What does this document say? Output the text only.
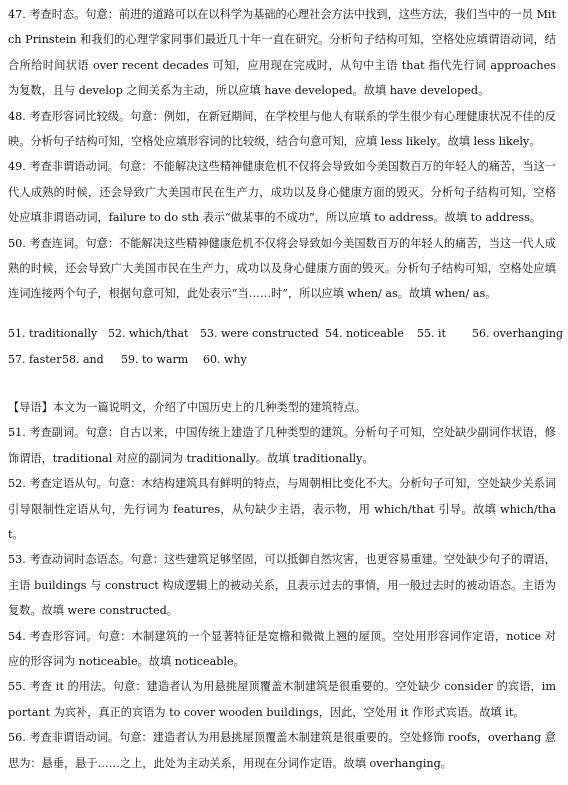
47. 考查时态。句意：前进的道路可以在以科学为基础的心理社会方法中找到，这些方法，我们当中的一员 Mitch Prinstein 和我们的心理学家同事们最近几十年一直在研究。分析句子结构可知，空格处应填谓语动词，结合所给时间状语 over recent decades 可知，应用现在完成时，从句中主语 that 指代先行词 approaches 为复数，且与 develop 之间关系为主动，所以应填 have developed。故填 have developed。

48. 考查形容词比较级。句意：例如，在新冠期间，在学校里与他人有联系的学生很少有心理健康状况不佳的反映。分析句子结构可知，空格处应填形容词的比较级，结合句意可知，应填 less likely。故填 less likely。

49. 考查非谓语动词。句意：不能解决这些精神健康危机不仅将会导致如今美国数百万的年轻人的痛苦，当这一代人成熟的时候，还会导致广大美国市民在生产力，成功以及身心健康方面的毁灭。分析句子结构可知，空格处应填非谓语动词，failure to do sth 表示“做某事的不成功”，所以应填 to address。故填 to address。

50. 考查连词。句意：不能解决这些精神健康危机不仅将会导致如今美国数百万的年轻人的痛苦，当这一代人成熟的时候，还会导致广大美国市民在生产力，成功以及身心健康方面的毁灭。分析句子结构可知，空格处应填连词连接两个句子，根据句意可知，此处表示“当……时”，所以应填 when/ as。故填 when/ as。

51. traditionally 52. which/that	53. were constructed 54. noticeable	55. it	56. overhanging
57. faster 58. and	59. to warm	60. why

【导语】本文为一篇说明文，介绍了中国历史上的几种类型的建筑特点。

51. 考查副词。句意：自古以来，中国传统上建造了几种类型的建筑。分析句子可知，空处缺少副词作状语，修饰谓语，traditional 对应的副词为 traditionally。故填 traditionally。

52. 考查定语从句。句意：木结构建筑具有鲜明的特点，与周朝相比变化不大。分析句子可知，空处缺少关系词引导限制性定语从句，先行词为 features，从句缺少主语，表示物，用 which/that 引导。故填 which/that。

53. 考查动词时态语态。句意：这些建筑足够坚固，可以抵御自然灾害，也更容易重建。空处缺少句子的谓语，主语 buildings 与 construct 构成逻辑上的被动关系，且表示过去的事情，用一般过去时的被动语态。主语为复数。故填 were constructed。

54. 考查形容词。句意：木制建筑的一个显著特征是宽檐和微微上翘的屋顶。空处用形容词作定语，notice 对应的形容词为 noticeable。故填 noticeable。

55. 考查 it 的用法。句意：建造者认为用悬挑屋顶覆盖木制建筑是很重要的。空处缺少 consider 的宾语，important 为宾补，真正的宾语为 to cover wooden buildings，因此，空处用 it 作形式宾语。故填 it。

56. 考查非谓语动词。句意：建造者认为用悬挑屋顶覆盖木制建筑是很重要的。空处修饰 roofs，overhang 意思为：悬垂，悬于……之上，此处为主动关系，用现在分词作定语。故填 overhanging。
